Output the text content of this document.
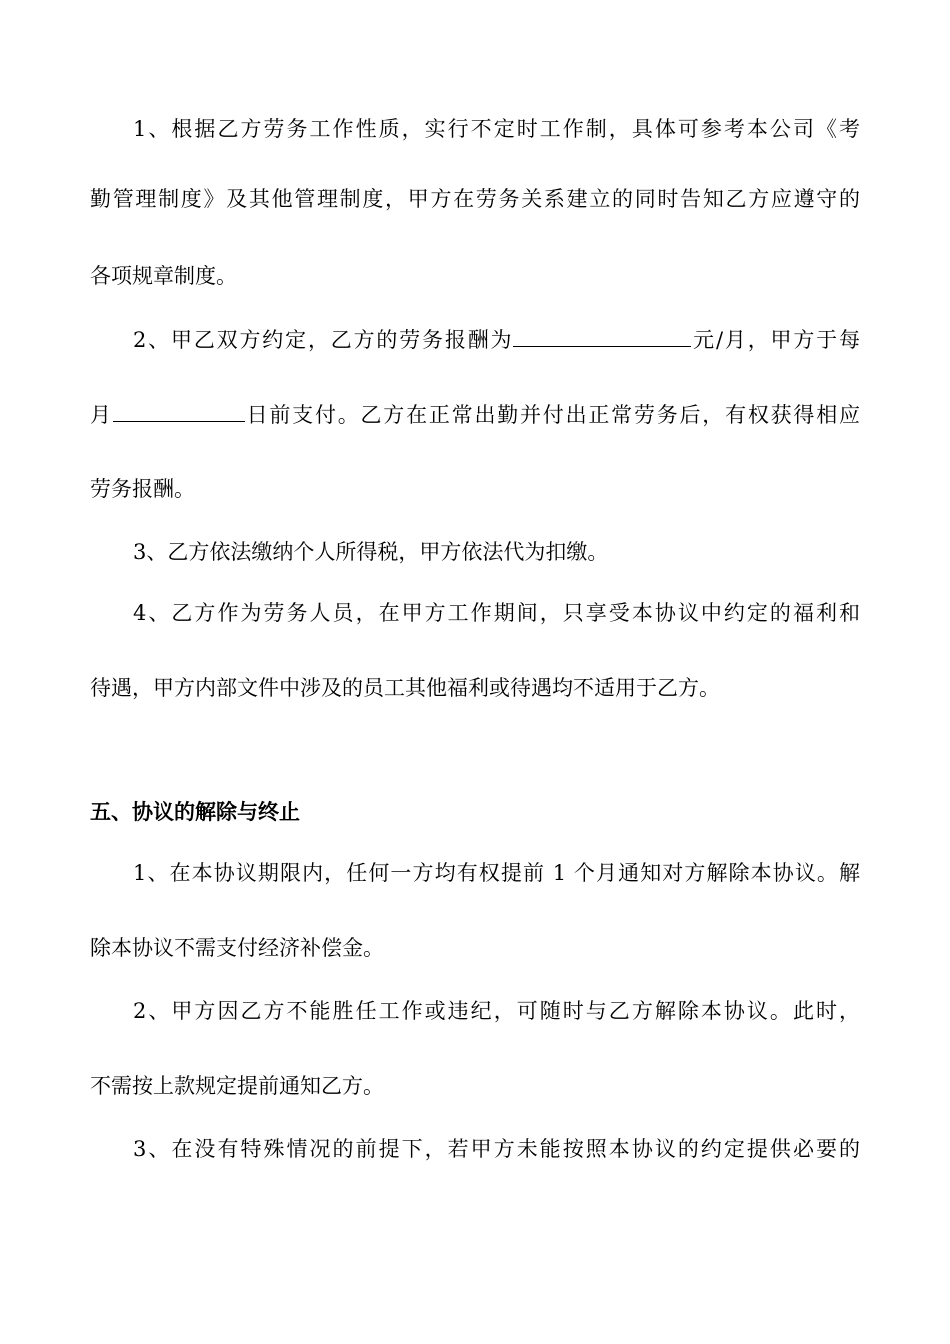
1、根据乙方劳务工作性质，实行不定时工作制，具体可参考本公司《考
勤管理制度》及其他管理制度，甲方在劳务关系建立的同时告知乙方应遵守的
各项规章制度。
2、甲乙双方约定，乙方的劳务报酬为	元/月，甲方于每
月	日前支付。乙方在正常出勤并付出正常劳务后，有权获得相应
劳务报酬。
3、乙方依法缴纳个人所得税，甲方依法代为扣缴。
4、乙方作为劳务人员，在甲方工作期间，只享受本协议中约定的福利和
待遇，甲方内部文件中涉及的员工其他福利或待遇均不适用于乙方。
五、协议的解除与终止
1、在本协议期限内，任何一方均有权提前 1 个月通知对方解除本协议。解
除本协议不需支付经济补偿金。
2、甲方因乙方不能胜任工作或违纪，可随时与乙方解除本协议。此时，
不需按上款规定提前通知乙方。
3、在没有特殊情况的前提下，若甲方未能按照本协议的约定提供必要的
